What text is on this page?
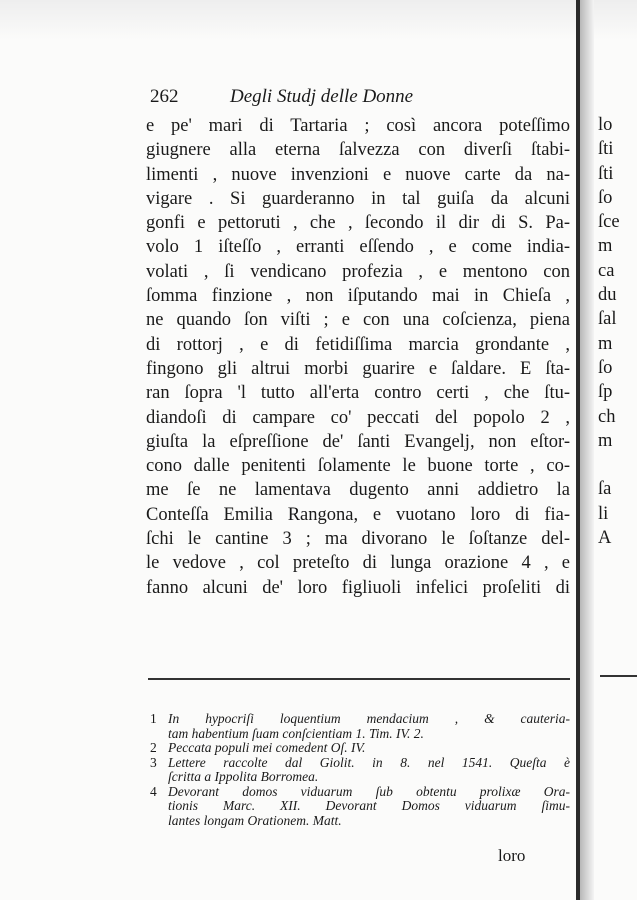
262	Degli Studj delle Donne
e pe' mari di Tartaria ; così ancora poteſſimo
giugnere alla eterna ſalvezza con diverſi ſtabi-
limenti , nuove invenzioni e nuove carte da na-
vigare . Si guarderanno in tal guiſa da alcuni
gonfi e pettoruti , che , ſecondo il dir di S. Pa-
volo 1 iſteſſo , erranti eſſendo , e come india-
volati , ſi vendicano profezia , e mentono con
ſomma finzione , non iſputando mai in Chieſa ,
ne quando ſon viſti ; e con una coſcienza, piena
di rottorj , e di fetidiſſima marcia grondante ,
fingono gli altrui morbi guarire e ſaldare. E ſta-
ran ſopra 'l tutto all'erta contro certi , che ſtu-
diandoſi di campare co' peccati del popolo 2 ,
giuſta la eſpreſſione de' ſanti Evangelj, non eſtor-
cono dalle penitenti ſolamente le buone torte , co-
me ſe ne lamentava dugento anni addietro la
Conteſſa Emilia Rangona, e vuotano loro di fia-
ſchi le cantine 3 ; ma divorano le ſoſtanze del-
le vedove , col preteſto di lunga orazione 4 , e
fanno alcuni de' loro figliuoli infelici proſeliti di
1 In hypocriſi loquentium mendacium , & cauteria-
tam habentium ſuam conſcientiam 1. Tim. IV. 2.
2 Peccata populi mei comedent Oſ. IV.
3 Lettere raccolte dal Giolit. in 8. nel 1541. Queſta è
ſcritta a Ippolita Borromea.
4 Devorant domos viduarum ſub obtentu prolixæ Ora-
tionis Marc. XII. Devorant Domos viduarum ſimu-
lantes longam Orationem. Matt.
loro
lo
ſti
ſti
ſo
ſce
m
ca
du
ſal
m
ſo
ſp
ch
m
ſa
li
A
